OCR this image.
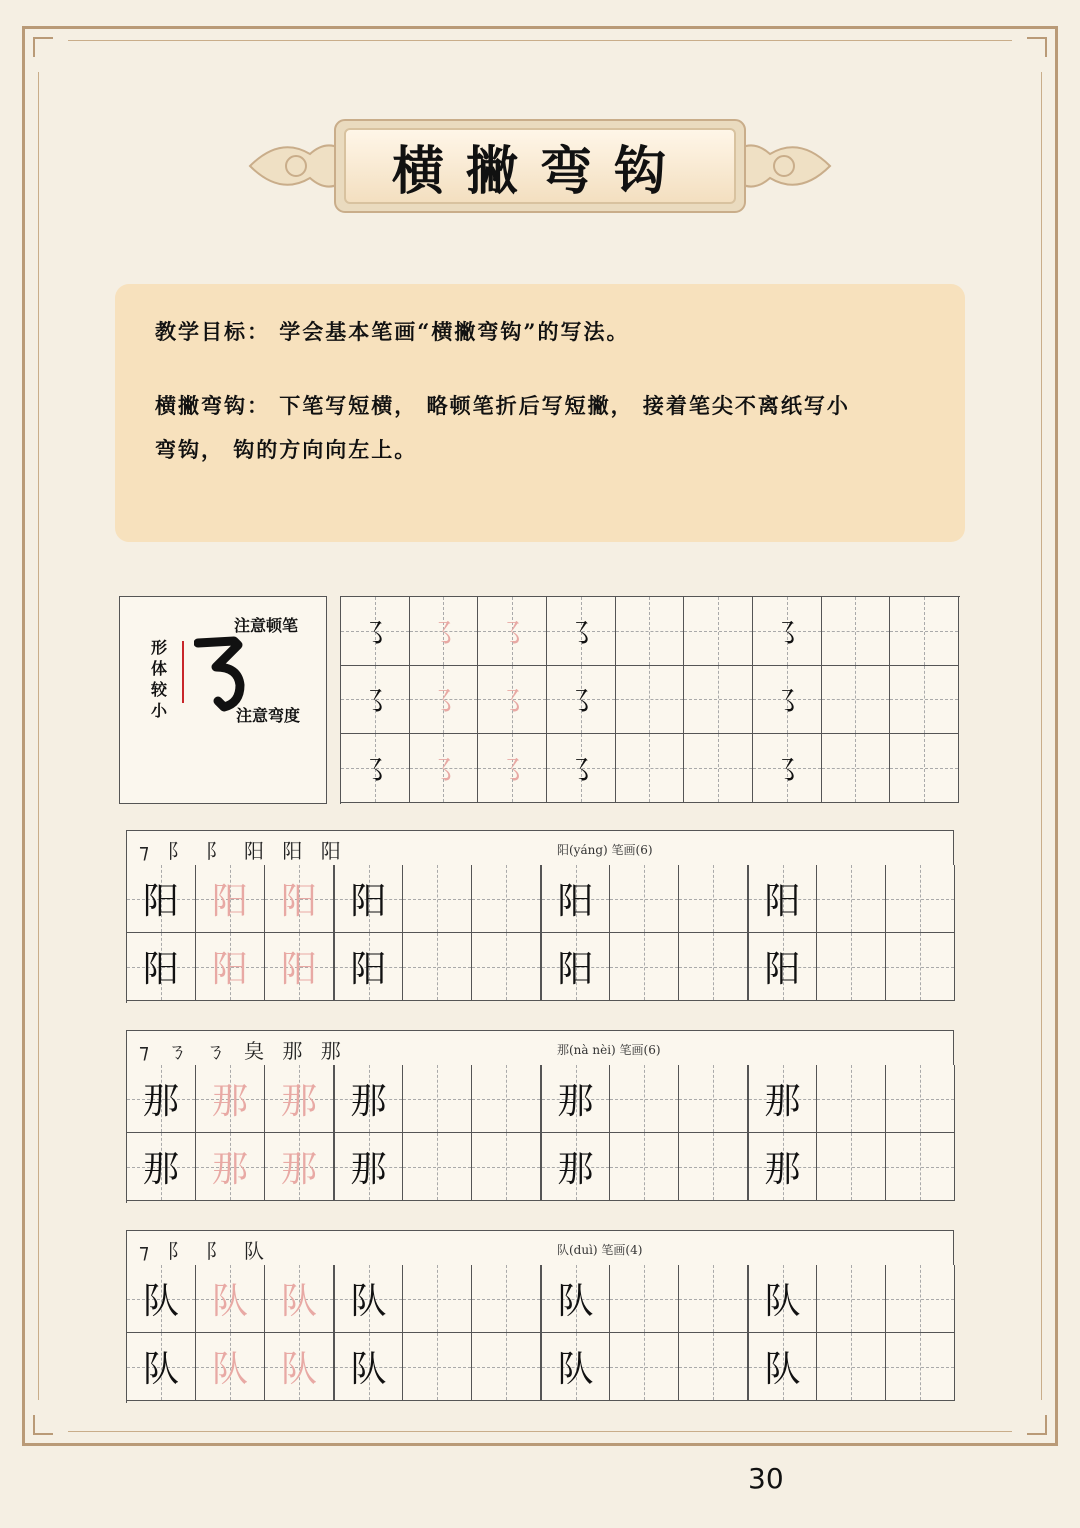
横撇弯钩

教学目标： 学会基本笔画“横撇弯钩”的写法。

横撇弯钩： 下笔写短横， 略顿笔折后写短撇， 接着笔尖不离纸写小

弯钩， 钩的方向向左上。

形体较小
注意顿笔
注意弯度
㇌	㇌	㇌	㇌	㇌
㇌	㇌	㇌	㇌	㇌
㇌	㇌	㇌	㇌	㇌
⁊ 阝 阝 阳 阳 阳	阳(yáng) 笔画(6)
阳 阳 阳 阳	阳	阳
阳 阳 阳 阳	阳	阳
⁊ ㄋ ㄋ 㚖 那 那	那(nà nèi) 笔画(6)
那 那 那 那	那	那
那 那 那 那	那	那
⁊ 阝 阝 队	队(duì) 笔画(4)
队 队 队 队	队	队
队 队 队 队	队	队
30
